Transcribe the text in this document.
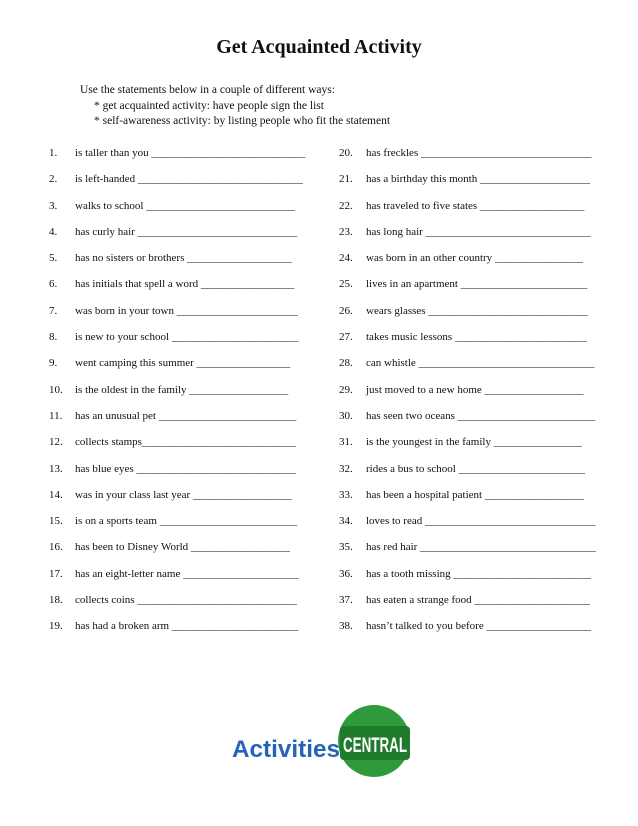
Get Acquainted Activity
Use the statements below in a couple of different ways:
* get acquainted activity: have people sign the list
* self-awareness activity: by listing people who fit the statement
1. is taller than you ____________________________
2. is left-handed ______________________________
3. walks to school ___________________________
4. has curly hair _____________________________
5. has no sisters or brothers ___________________
6. has initials that spell a word _________________
7. was born in your town ______________________
8. is new to your school _______________________
9. went camping this summer _________________
10. is the oldest in the family __________________
11. has an unusual pet _________________________
12. collects stamps____________________________
13. has blue eyes _____________________________
14. was in your class last year __________________
15. is on a sports team _________________________
16. has been to Disney World __________________
17. has an eight-letter name _____________________
18. collects coins _____________________________
19. has had a broken arm _______________________
20. has freckles _______________________________
21. has a birthday this month ____________________
22. has traveled to five states ___________________
23. has long hair ______________________________
24. was born in an other country ________________
25. lives in an apartment _______________________
26. wears glasses _____________________________
27. takes music lessons ________________________
28. can whistle ________________________________
29. just moved to a new home __________________
30. has seen two oceans _________________________
31. is the youngest in the family ________________
32. rides a bus to school _______________________
33. has been a hospital patient __________________
34. loves to read _______________________________
35. has red hair ________________________________
36. has a tooth missing _________________________
37. has eaten a strange food _____________________
38. hasn’t talked to you before ___________________
Activities CENTRAL
